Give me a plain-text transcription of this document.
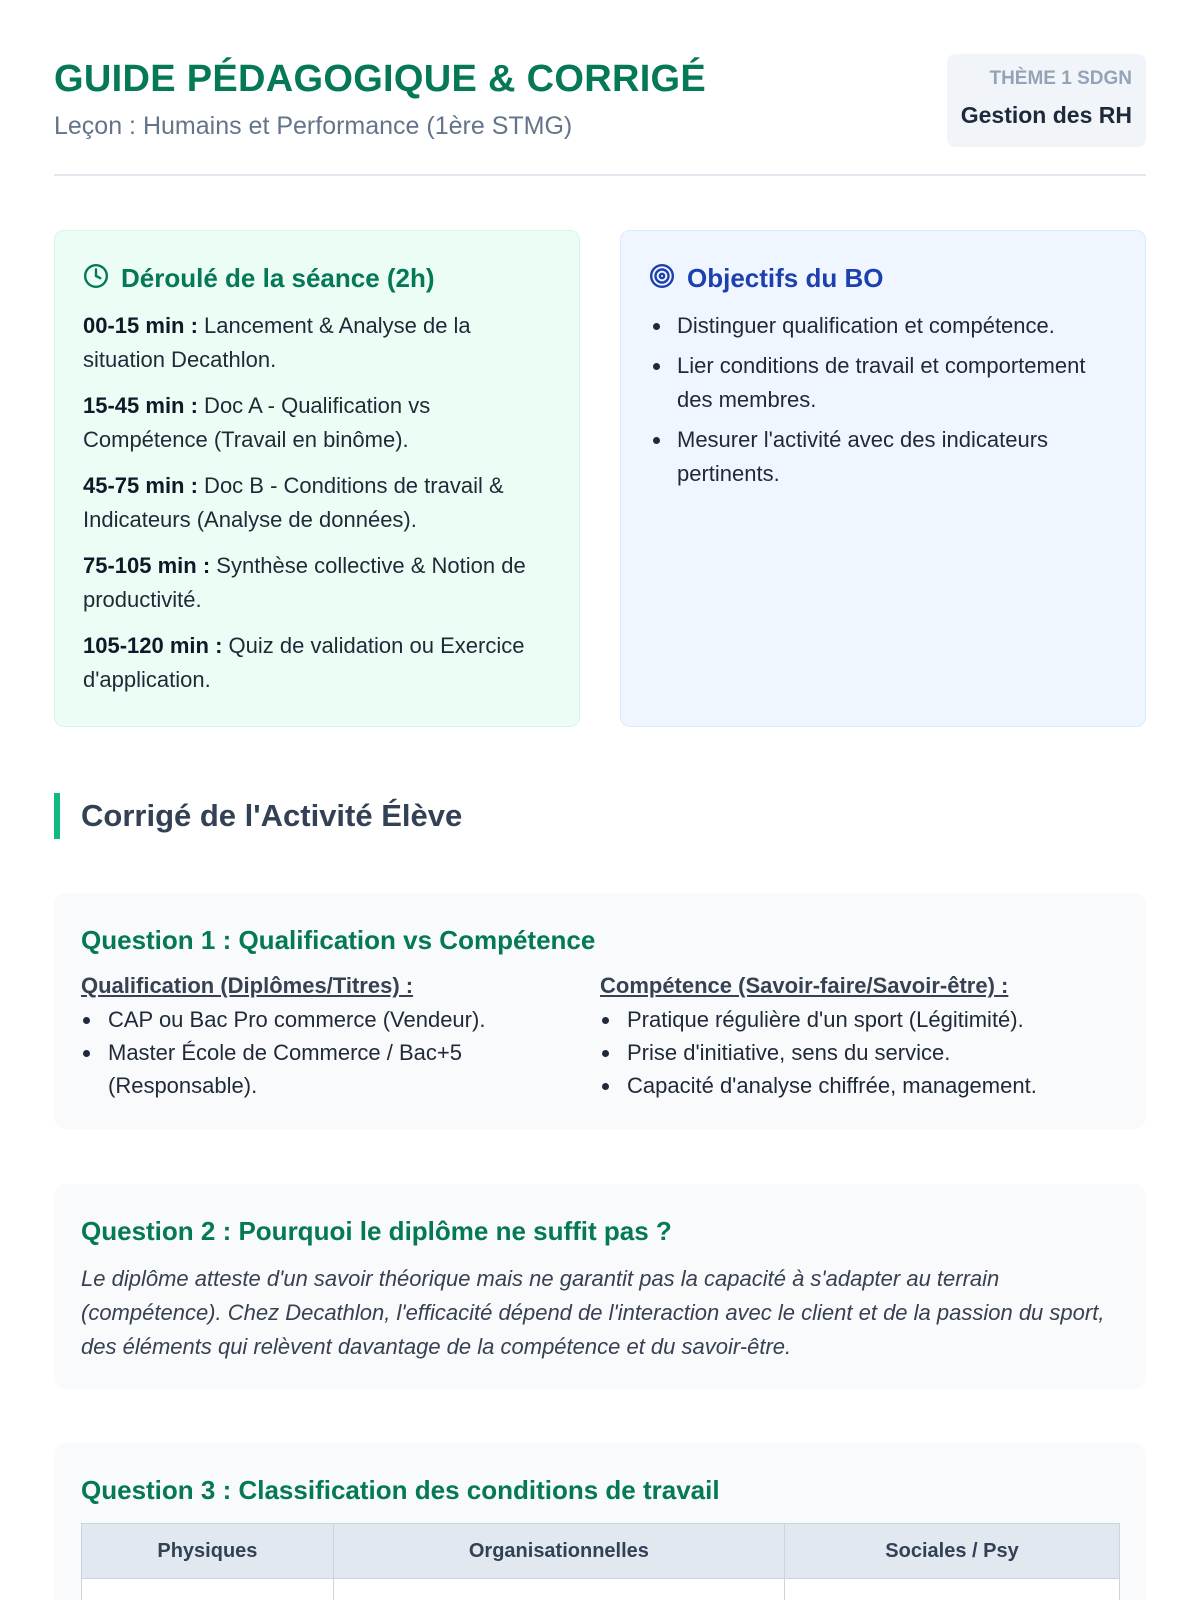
GUIDE PÉDAGOGIQUE & CORRIGÉ
Leçon : Humains et Performance (1ère STMG)
THÈME 1 SDGN
Gestion des RH
Déroulé de la séance (2h)
00-15 min : Lancement & Analyse de la situation Decathlon.
15-45 min : Doc A - Qualification vs Compétence (Travail en binôme).
45-75 min : Doc B - Conditions de travail & Indicateurs (Analyse de données).
75-105 min : Synthèse collective & Notion de productivité.
105-120 min : Quiz de validation ou Exercice d'application.
Objectifs du BO
Distinguer qualification et compétence.
Lier conditions de travail et comportement des membres.
Mesurer l'activité avec des indicateurs pertinents.
Corrigé de l'Activité Élève
Question 1 : Qualification vs Compétence
Qualification (Diplômes/Titres) :
CAP ou Bac Pro commerce (Vendeur).
Master École de Commerce / Bac+5 (Responsable).
Compétence (Savoir-faire/Savoir-être) :
Pratique régulière d'un sport (Légitimité).
Prise d'initiative, sens du service.
Capacité d'analyse chiffrée, management.
Question 2 : Pourquoi le diplôme ne suffit pas ?

Le diplôme atteste d'un savoir théorique mais ne garantit pas la capacité à s'adapter au terrain (compétence). Chez Decathlon, l'efficacité dépend de l'interaction avec le client et de la passion du sport, des éléments qui relèvent davantage de la compétence et du savoir-être.

Question 3 : Classification des conditions de travail
Physiques	Organisationnelles	Sociales / Psy
